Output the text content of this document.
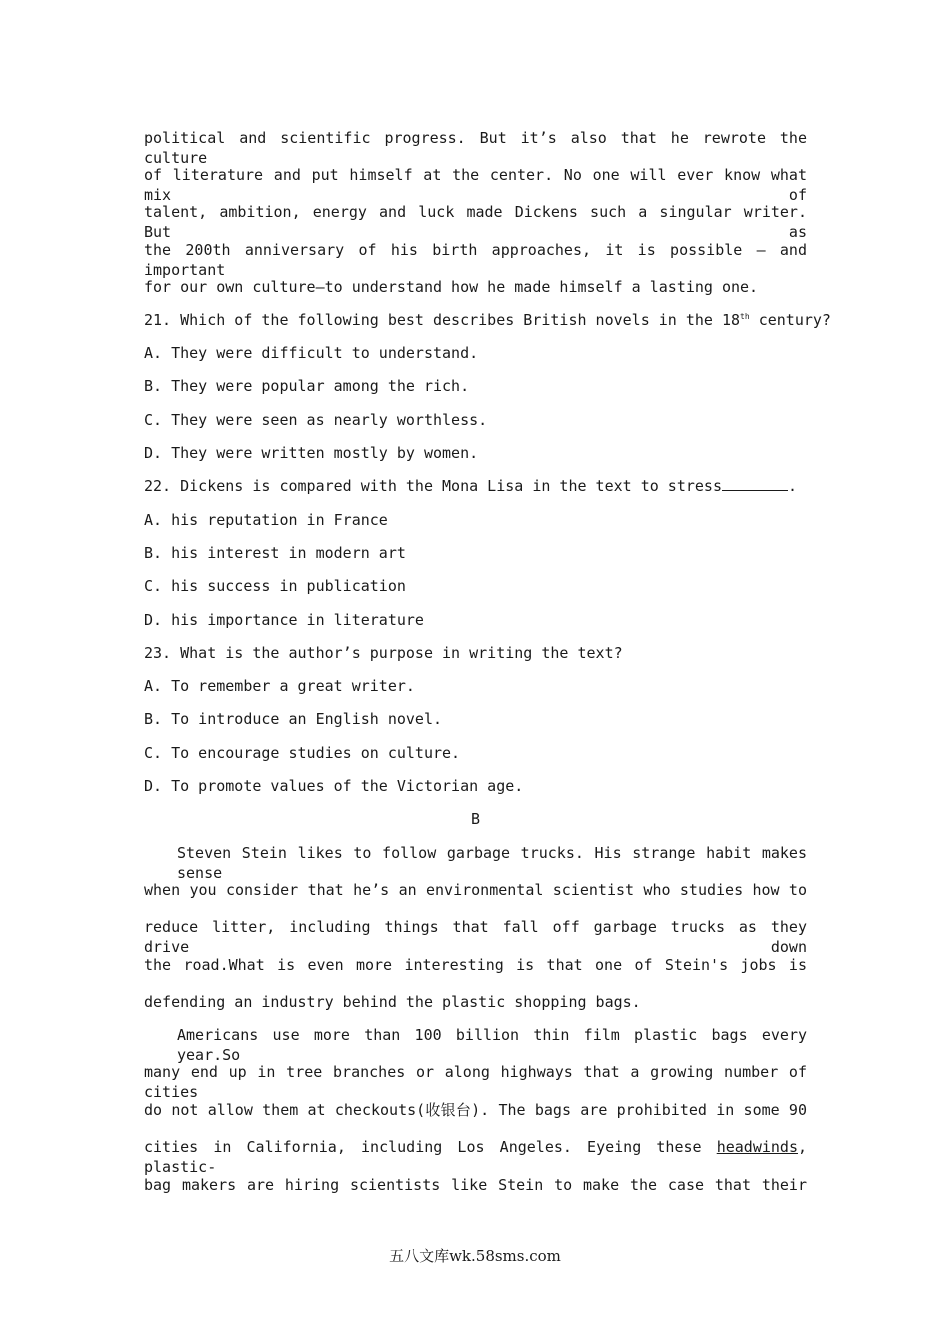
political and scientific progress. But it’s also that he rewrote the culture
of literature and put himself at the center. No one will ever know what mix of
talent, ambition, energy and luck made Dickens such a singular writer. But as
the 200th anniversary of his birth approaches, it is possible — and important
for our own culture—to understand how he made himself a lasting one.
21. Which of the following best describes British novels in the 18th century?
A. They were difficult to understand.
B. They were popular among the rich.
C. They were seen as nearly worthless.
D. They were written mostly by women.
22. Dickens is compared with the Mona Lisa in the text to stress	.
A. his reputation in France
B. his interest in modern art
C. his success in publication
D. his importance in literature
23. What is the author’s purpose in writing the text?
A. To remember a great writer.
B. To introduce an English novel.
C. To encourage studies on culture.
D. To promote values of the Victorian age.
B
Steven Stein likes to follow garbage trucks. His strange habit makes sense
when you consider that he’s an environmental scientist who studies how to
reduce litter, including things that fall off garbage trucks as they drive down
the road.What is even more interesting is that one of Stein's jobs is
defending an industry behind the plastic shopping bags.
Americans use more than 100 billion thin film plastic bags every year.So
many end up in tree branches or along highways that a growing number of cities
do not allow them at checkouts(收银台). The bags are prohibited in some 90
cities in California, including Los Angeles. Eyeing these headwinds, plastic-
bag makers are hiring scientists like Stein to make the case that their
五八文库wk.58sms.com
